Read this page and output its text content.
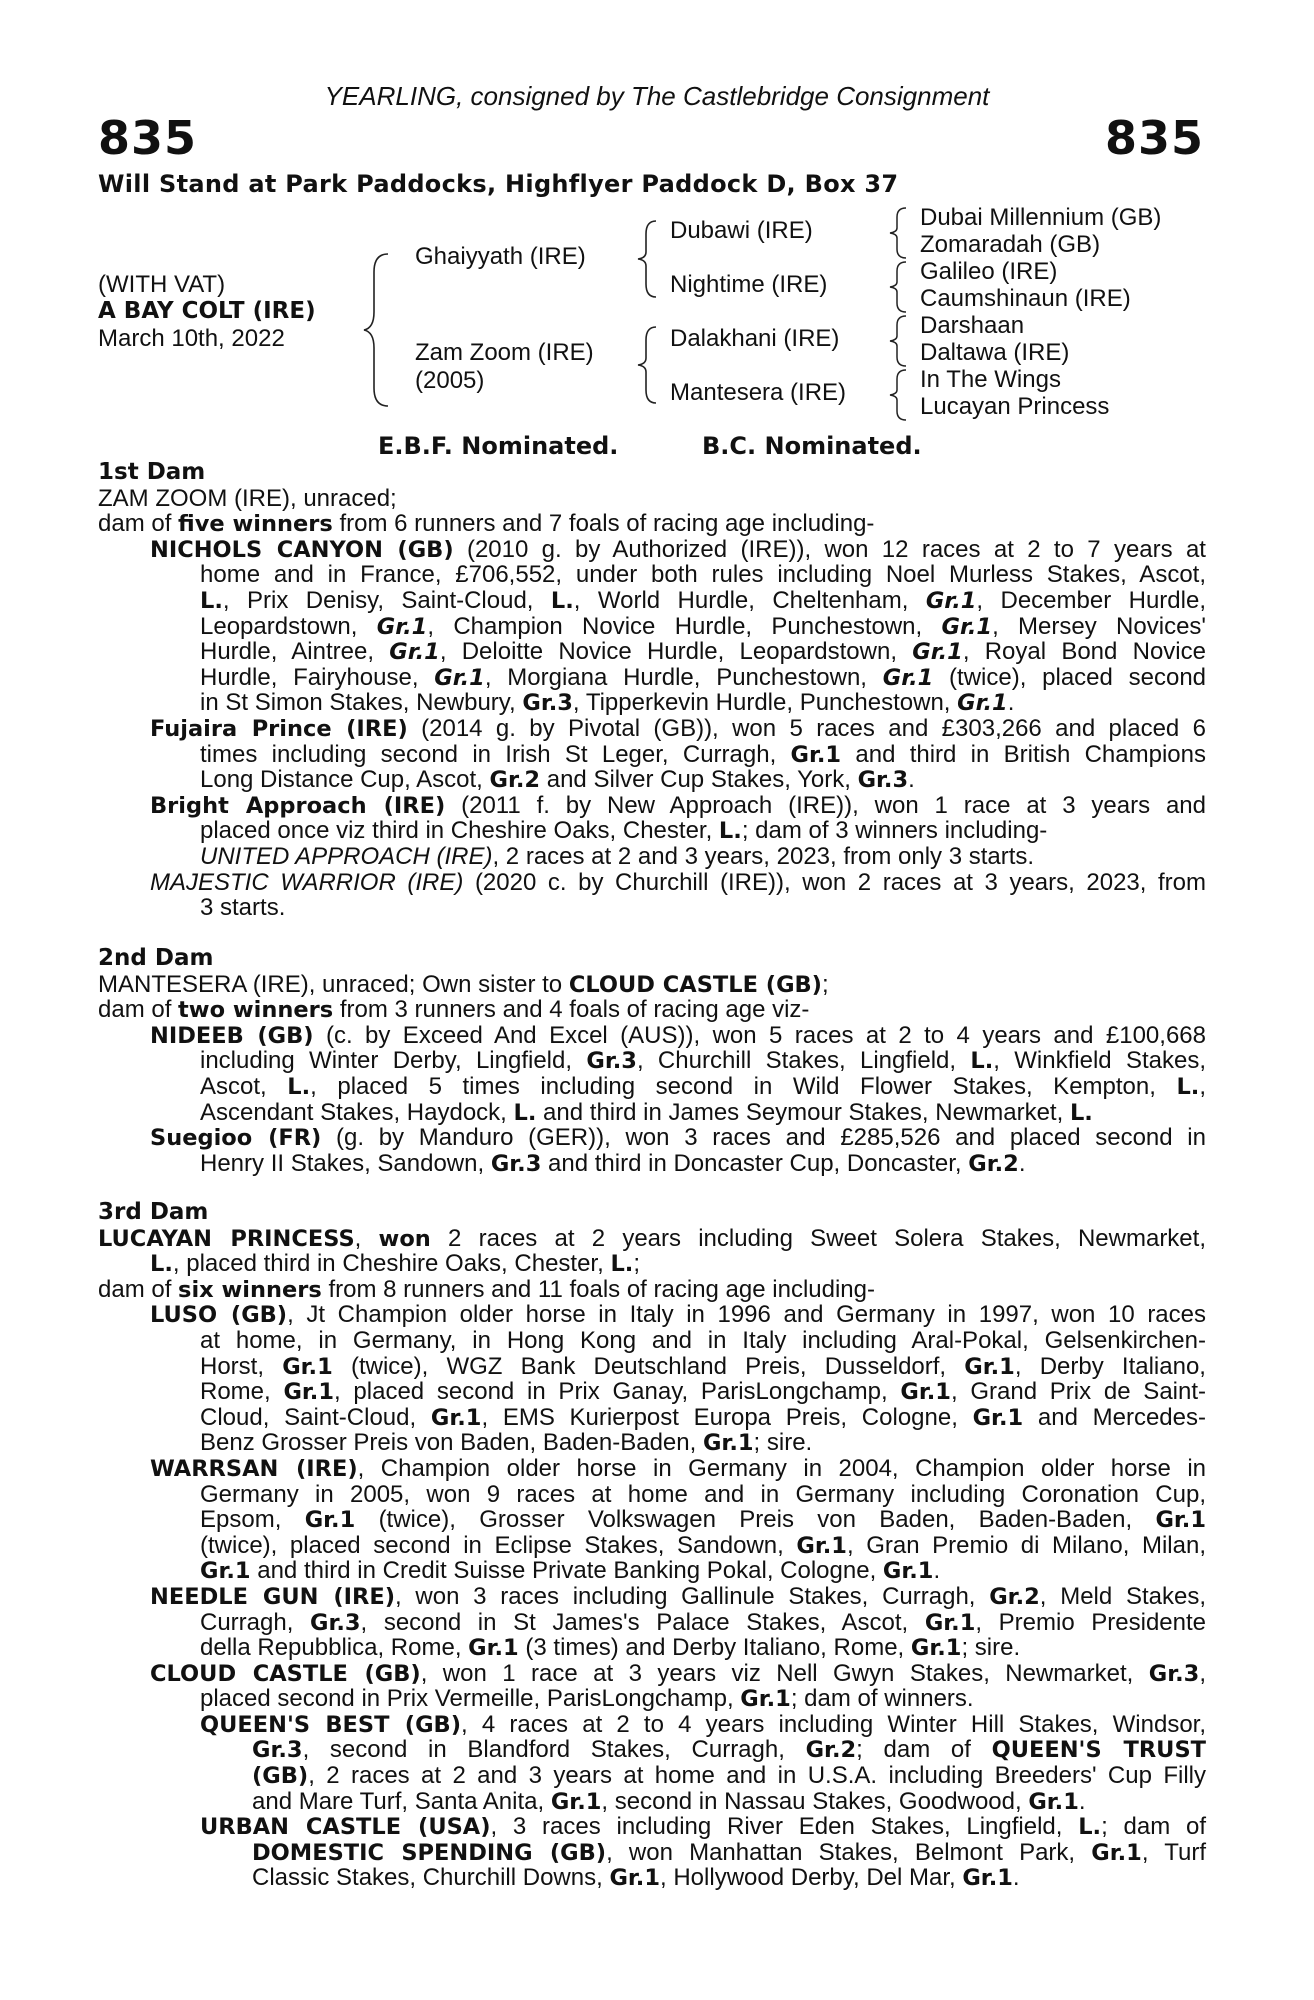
YEARLING, consigned by The Castlebridge Consignment
835	835
Will Stand at Park Paddocks, Highflyer Paddock D, Box 37
(WITH VAT)
A BAY COLT (IRE)
March 10th, 2022
Ghaiyyath (IRE)
Zam Zoom (IRE)
(2005)
Dubawi (IRE)
Nightime (IRE)
Dalakhani (IRE)
Mantesera (IRE)
Dubai Millennium (GB)
Zomaradah (GB)
Galileo (IRE)
Caumshinaun (IRE)
Darshaan
Daltawa (IRE)
In The Wings
Lucayan Princess
E.B.F. Nominated.	B.C. Nominated.
1st Dam
ZAM ZOOM (IRE), unraced;
dam of five winners from 6 runners and 7 foals of racing age including-
NICHOLS CANYON (GB) (2010 g. by Authorized (IRE)), won 12 races at 2 to 7 years at
home and in France, £706,552, under both rules including Noel Murless Stakes, Ascot,
L., Prix Denisy, Saint-Cloud, L., World Hurdle, Cheltenham, Gr.1, December Hurdle,
Leopardstown, Gr.1, Champion Novice Hurdle, Punchestown, Gr.1, Mersey Novices'
Hurdle, Aintree, Gr.1, Deloitte Novice Hurdle, Leopardstown, Gr.1, Royal Bond Novice
Hurdle, Fairyhouse, Gr.1, Morgiana Hurdle, Punchestown, Gr.1 (twice), placed second
in St Simon Stakes, Newbury, Gr.3, Tipperkevin Hurdle, Punchestown, Gr.1.
Fujaira Prince (IRE) (2014 g. by Pivotal (GB)), won 5 races and £303,266 and placed 6
times including second in Irish St Leger, Curragh, Gr.1 and third in British Champions
Long Distance Cup, Ascot, Gr.2 and Silver Cup Stakes, York, Gr.3.
Bright Approach (IRE) (2011 f. by New Approach (IRE)), won 1 race at 3 years and
placed once viz third in Cheshire Oaks, Chester, L.; dam of 3 winners including-
UNITED APPROACH (IRE), 2 races at 2 and 3 years, 2023, from only 3 starts.
MAJESTIC WARRIOR (IRE) (2020 c. by Churchill (IRE)), won 2 races at 3 years, 2023, from
3 starts.
2nd Dam
MANTESERA (IRE), unraced; Own sister to CLOUD CASTLE (GB);
dam of two winners from 3 runners and 4 foals of racing age viz-
NIDEEB (GB) (c. by Exceed And Excel (AUS)), won 5 races at 2 to 4 years and £100,668
including Winter Derby, Lingfield, Gr.3, Churchill Stakes, Lingfield, L., Winkfield Stakes,
Ascot, L., placed 5 times including second in Wild Flower Stakes, Kempton, L.,
Ascendant Stakes, Haydock, L. and third in James Seymour Stakes, Newmarket, L.
Suegioo (FR) (g. by Manduro (GER)), won 3 races and £285,526 and placed second in
Henry II Stakes, Sandown, Gr.3 and third in Doncaster Cup, Doncaster, Gr.2.
3rd Dam
LUCAYAN PRINCESS, won 2 races at 2 years including Sweet Solera Stakes, Newmarket,
L., placed third in Cheshire Oaks, Chester, L.;
dam of six winners from 8 runners and 11 foals of racing age including-
LUSO (GB), Jt Champion older horse in Italy in 1996 and Germany in 1997, won 10 races
at home, in Germany, in Hong Kong and in Italy including Aral-Pokal, Gelsenkirchen-
Horst, Gr.1 (twice), WGZ Bank Deutschland Preis, Dusseldorf, Gr.1, Derby Italiano,
Rome, Gr.1, placed second in Prix Ganay, ParisLongchamp, Gr.1, Grand Prix de Saint-
Cloud, Saint-Cloud, Gr.1, EMS Kurierpost Europa Preis, Cologne, Gr.1 and Mercedes-
Benz Grosser Preis von Baden, Baden-Baden, Gr.1; sire.
WARRSAN (IRE), Champion older horse in Germany in 2004, Champion older horse in
Germany in 2005, won 9 races at home and in Germany including Coronation Cup,
Epsom, Gr.1 (twice), Grosser Volkswagen Preis von Baden, Baden-Baden, Gr.1
(twice), placed second in Eclipse Stakes, Sandown, Gr.1, Gran Premio di Milano, Milan,
Gr.1 and third in Credit Suisse Private Banking Pokal, Cologne, Gr.1.
NEEDLE GUN (IRE), won 3 races including Gallinule Stakes, Curragh, Gr.2, Meld Stakes,
Curragh, Gr.3, second in St James's Palace Stakes, Ascot, Gr.1, Premio Presidente
della Repubblica, Rome, Gr.1 (3 times) and Derby Italiano, Rome, Gr.1; sire.
CLOUD CASTLE (GB), won 1 race at 3 years viz Nell Gwyn Stakes, Newmarket, Gr.3,
placed second in Prix Vermeille, ParisLongchamp, Gr.1; dam of winners.
QUEEN'S BEST (GB), 4 races at 2 to 4 years including Winter Hill Stakes, Windsor,
Gr.3, second in Blandford Stakes, Curragh, Gr.2; dam of QUEEN'S TRUST
(GB), 2 races at 2 and 3 years at home and in U.S.A. including Breeders' Cup Filly
and Mare Turf, Santa Anita, Gr.1, second in Nassau Stakes, Goodwood, Gr.1.
URBAN CASTLE (USA), 3 races including River Eden Stakes, Lingfield, L.; dam of
DOMESTIC SPENDING (GB), won Manhattan Stakes, Belmont Park, Gr.1, Turf
Classic Stakes, Churchill Downs, Gr.1, Hollywood Derby, Del Mar, Gr.1.
